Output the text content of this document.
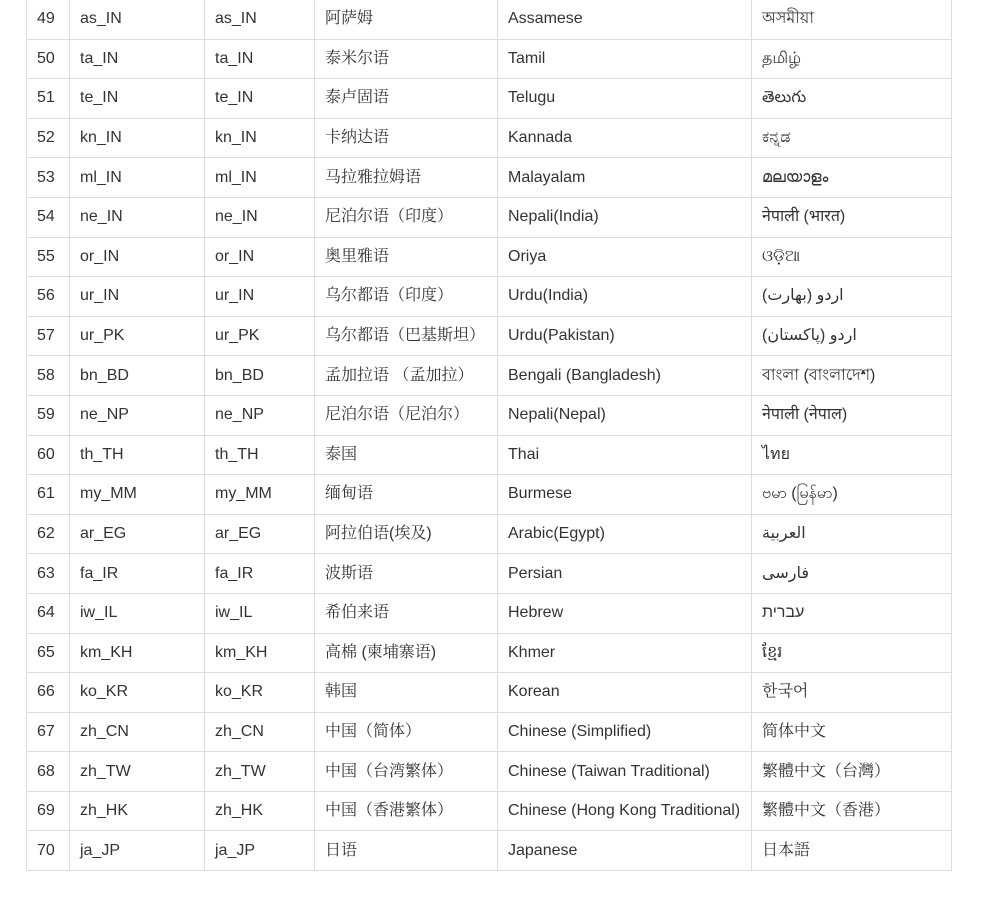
49	as_IN	as_IN	阿萨姆	Assamese	অসমীয়া
50	ta_IN	ta_IN	泰米尔语	Tamil	தமிழ்
51	te_IN	te_IN	泰卢固语	Telugu	తెలుగు
52	kn_IN	kn_IN	卡纳达语	Kannada	ಕನ್ನಡ
53	ml_IN	ml_IN	马拉雅拉姆语	Malayalam	മലയാളം
54	ne_IN	ne_IN	尼泊尔语（印度）	Nepali(India)	नेपाली (भारत)
55	or_IN	or_IN	奥里雅语	Oriya	ଓଡ଼ିଆ
56	ur_IN	ur_IN	乌尔都语（印度）	Urdu(India)	اردو (بھارت)
57	ur_PK	ur_PK	乌尔都语（巴基斯坦）	Urdu(Pakistan)	اردو (پاکستان)
58	bn_BD	bn_BD	孟加拉语 （孟加拉）	Bengali (Bangladesh)	বাংলা (বাংলাদেশ)
59	ne_NP	ne_NP	尼泊尔语（尼泊尔）	Nepali(Nepal)	नेपाली (नेपाल)
60	th_TH	th_TH	泰国	Thai	ไทย
61	my_MM	my_MM	缅甸语	Burmese	ဗမာ (မြန်မာ)
62	ar_EG	ar_EG	阿拉伯语(埃及)	Arabic(Egypt)	العربية
63	fa_IR	fa_IR	波斯语	Persian	فارسی
64	iw_IL	iw_IL	希伯来语	Hebrew	עברית
65	km_KH	km_KH	高棉 (柬埔寨语)	Khmer	ខ្មែរ
66	ko_KR	ko_KR	韩国	Korean	한국어
67	zh_CN	zh_CN	中国（简体）	Chinese (Simplified)	简体中文
68	zh_TW	zh_TW	中国（台湾繁体）	Chinese (Taiwan Traditional)	繁體中文（台灣）
69	zh_HK	zh_HK	中国（香港繁体）	Chinese (Hong Kong Traditional)	繁體中文（香港）
70	ja_JP	ja_JP	日语	Japanese	日本語
